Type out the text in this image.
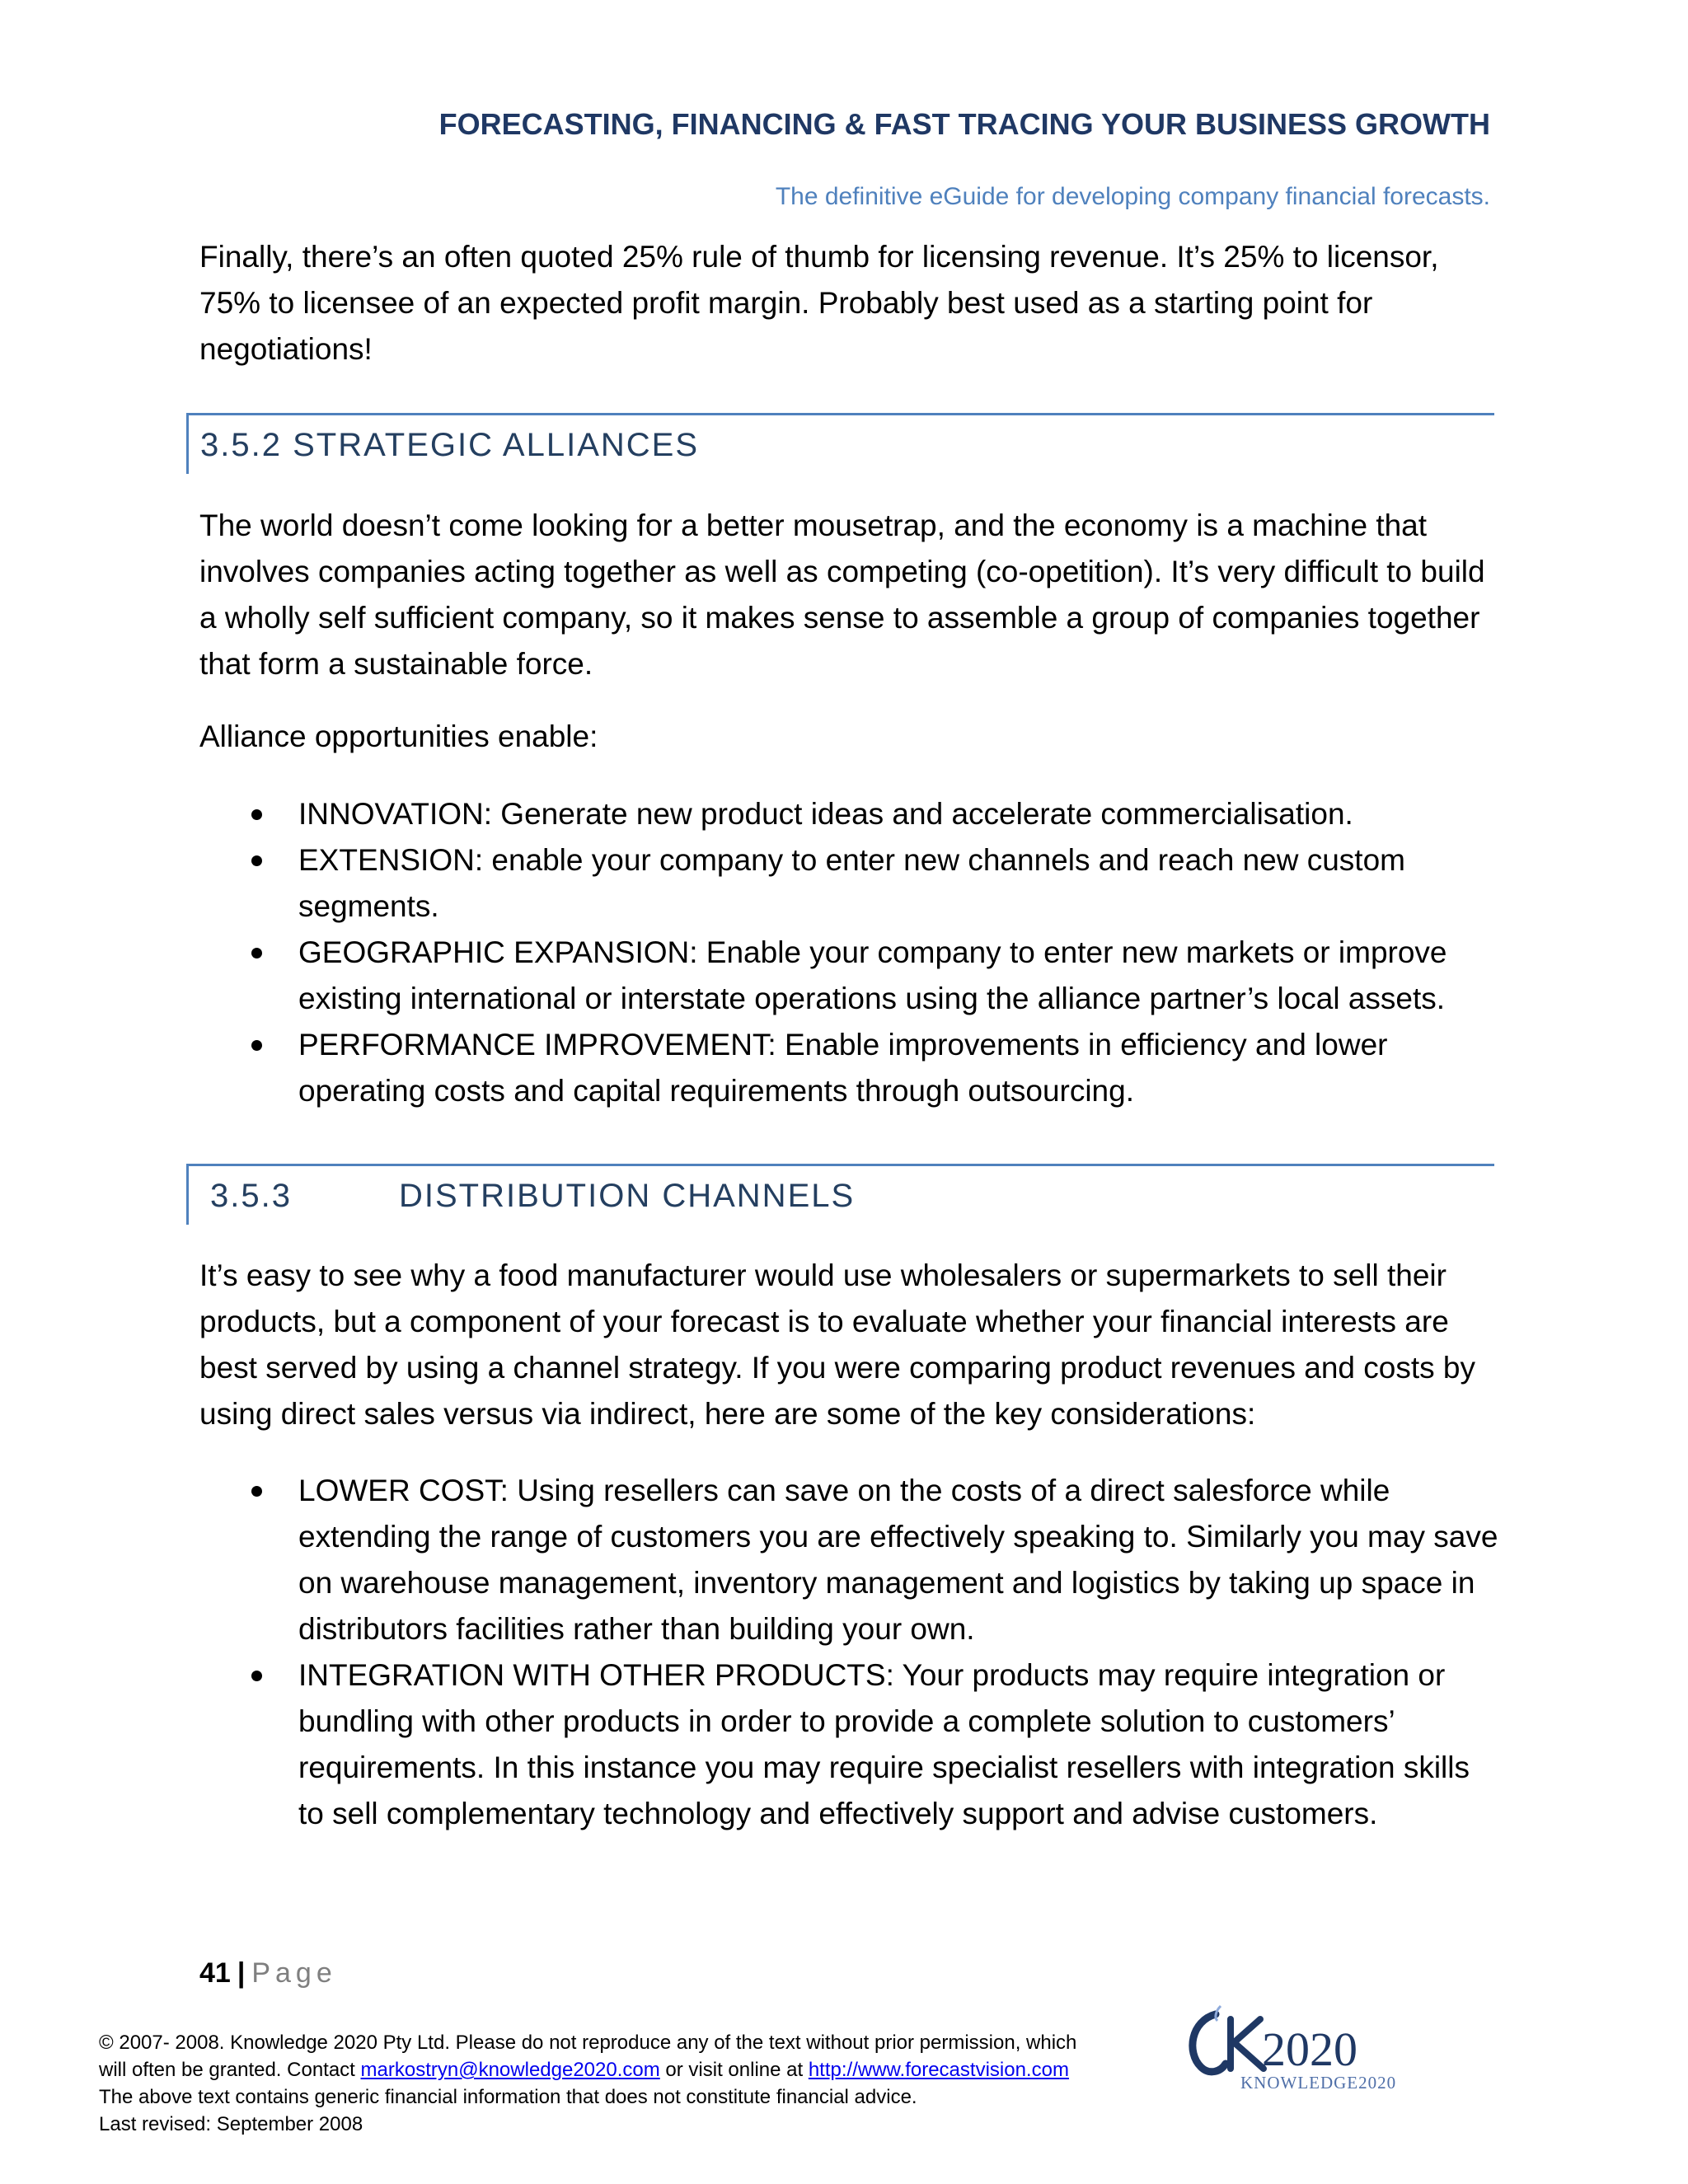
FORECASTING, FINANCING & FAST TRACING YOUR BUSINESS GROWTH
The definitive eGuide for developing company financial forecasts.

Finally, there’s an often quoted 25% rule of thumb for licensing revenue. It’s 25% to licensor, 75% to licensee of an expected profit margin. Probably best used as a starting point for negotiations!

3.5.2 STRATEGIC ALLIANCES

The world doesn’t come looking for a better mousetrap, and the economy is a machine that involves companies acting together as well as competing (co-opetition). It’s very difficult to build a wholly self sufficient company, so it makes sense to assemble a group of companies together that form a sustainable force.

Alliance opportunities enable:

INNOVATION: Generate new product ideas and accelerate commercialisation.
EXTENSION: enable your company to enter new channels and reach new custom segments.
GEOGRAPHIC EXPANSION: Enable your company to enter new markets or improve existing international or interstate operations using the alliance partner’s local assets.
PERFORMANCE IMPROVEMENT: Enable improvements in efficiency and lower operating costs and capital requirements through outsourcing.
3.5.3	DISTRIBUTION CHANNELS

It’s easy to see why a food manufacturer would use wholesalers or supermarkets to sell their products, but a component of your forecast is to evaluate whether your financial interests are best served by using a channel strategy. If you were comparing product revenues and costs by using direct sales versus via indirect, here are some of the key considerations:

LOWER COST: Using resellers can save on the costs of a direct salesforce while extending the range of customers you are effectively speaking to. Similarly you may save on warehouse management, inventory management and logistics by taking up space in distributors facilities rather than building your own.
INTEGRATION WITH OTHER PRODUCTS: Your products may require integration or bundling with other products in order to provide a complete solution to customers’ requirements. In this instance you may require specialist resellers with integration skills to sell complementary technology and effectively support and advise customers.
41 | Page
© 2007- 2008. Knowledge 2020 Pty Ltd. Please do not reproduce any of the text without prior permission, which
will often be granted. Contact markostryn@knowledge2020.com or visit online at http://www.forecastvision.com
The above text contains generic financial information that does not constitute financial advice.
Last revised: September 2008
2020
KNOWLEDGE2020
